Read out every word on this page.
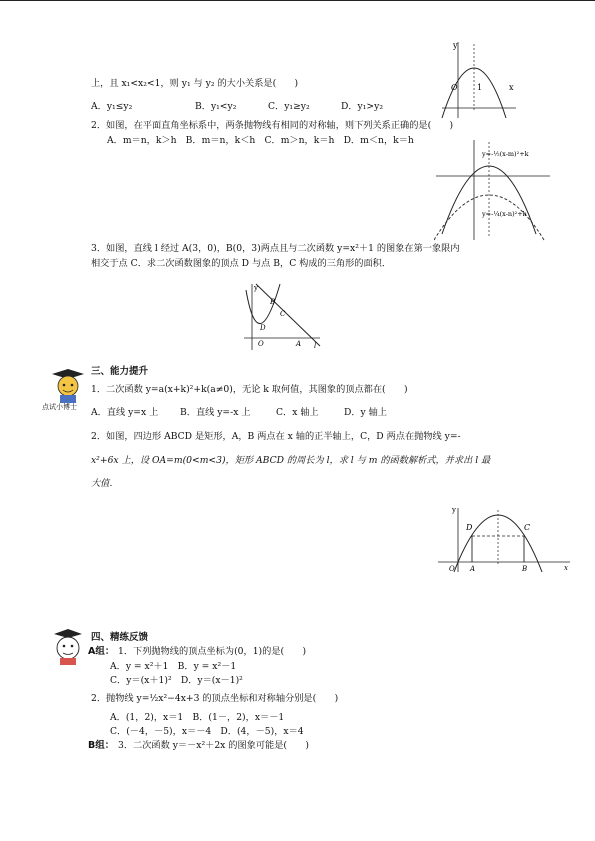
y
O 1	x
上，且 x₁<x₂<1，则 y₁ 与 y₂ 的大小关系是(　　)
A．y₁≤y₂	B．y₁<y₂	C．y₁≥y₂	D．y₁>y₂
2．如图，在平面直角坐标系中，两条抛物线有相同的对称轴，则下列关系正确的是(　　)
A．m＝n，k＞h　B．m＝n，k＜h　C．m＞n，k＝h　D．m＜n，k＝h
y=-½(x-m)²+k
y=-¼(x-n)²+h
3．如图，直线 l 经过 A(3，0)，B(0，3)两点且与二次函数 y=x²＋1 的图象在第一象限内
相交于点 C．求二次函数图象的顶点 D 与点 B，C 构成的三角形的面积．
y
B
C
D
O	A l
点试小博士
三、能力提升
1．二次函数 y=a(x+k)²+k(a≠0)，无论 k 取何值，其图象的顶点都在(　　)
A．直线 y=x 上 B．直线 y=-x 上	C．x 轴上	D．y 轴上
2．如图，四边形 ABCD 是矩形，A，B 两点在 x 轴的正半轴上，C，D 两点在抛物线 y=-
x²+6x 上，设 OA=m(0<m<3)，矩形 ABCD 的周长为 l，求 l 与 m 的函数解析式，并求出 l 最
大值．
y
D	C
O A	B	x
四、精练反馈
A组： 1．下列抛物线的顶点坐标为(0，1)的是(　　)
A．y = x²＋1　B．y = x²－1
C．y＝(x＋1)²　D．y＝(x－1)²
2．抛物线 y=½x²−4x+3 的顶点坐标和对称轴分别是(　　)
A．(1，2)，x＝1　B．(1－，2)，x＝－1
C．(－4，－5)，x＝－4　D．(4，－5)，x＝4
B组： 3．二次函数 y＝－x²＋2x 的图象可能是(　　)
